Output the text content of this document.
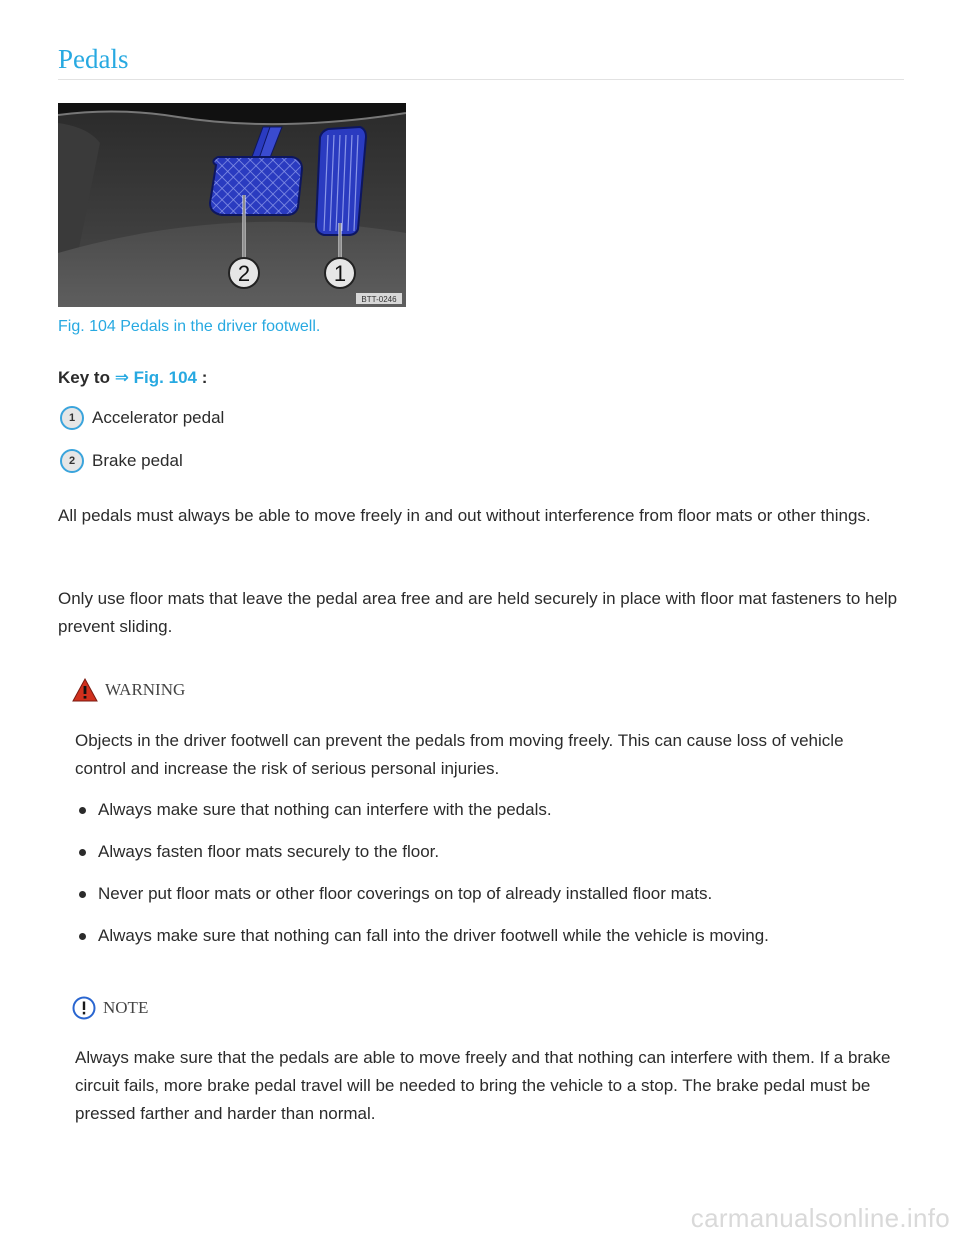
Pedals
2	1
BTT-0246
Fig. 104 Pedals in the driver footwell.
Key to ⇒ Fig. 104 :
1 Accelerator pedal
2 Brake pedal

All pedals must always be able to move freely in and out without interference from floor mats or other things.

Only use floor mats that leave the pedal area free and are held securely in place with floor mat fasteners to help prevent sliding.

WARNING

Objects in the driver footwell can prevent the pedals from moving freely. This can cause loss of vehicle control and increase the risk of serious personal injuries.

Always make sure that nothing can interfere with the pedals.
Always fasten floor mats securely to the floor.
Never put floor mats or other floor coverings on top of already installed floor mats.
Always make sure that nothing can fall into the driver footwell while the vehicle is moving.
NOTE

Always make sure that the pedals are able to move freely and that nothing can interfere with them. If a brake circuit fails, more brake pedal travel will be needed to bring the vehicle to a stop. The brake pedal must be pressed farther and harder than normal.

carmanualsonline.info
